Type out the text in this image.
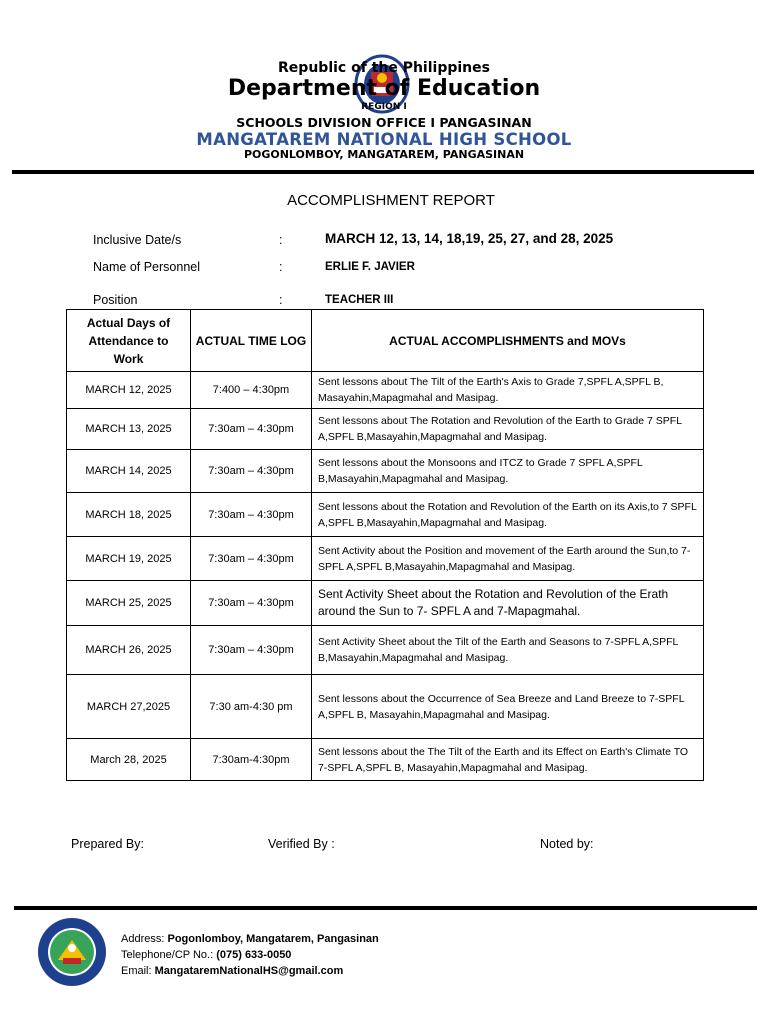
Republic of the Philippines
Department of Education
REGION I
SCHOOLS DIVISION OFFICE I PANGASINAN
MANGATAREM NATIONAL HIGH SCHOOL
POGONLOMBOY, MANGATAREM, PANGASINAN
ACCOMPLISHMENT REPORT
Inclusive Date/s	:	MARCH 12, 13, 14, 18,19, 25, 27, and 28, 2025
Name of Personnel	:	ERLIE F. JAVIER
Position	:	TEACHER III
Actual Days of Attendance to Work	ACTUAL TIME LOG	ACTUAL ACCOMPLISHMENTS and MOVs
MARCH 12, 2025	7:400 – 4:30pm	Sent lessons about The Tilt of the Earth's Axis to Grade 7,SPFL A,SPFL B, Masayahin,Mapagmahal and Masipag.
MARCH 13, 2025	7:30am – 4:30pm	Sent lessons about The Rotation and Revolution of the Earth to Grade 7 SPFL A,SPFL B,Masayahin,Mapagmahal and Masipag.
MARCH 14, 2025	7:30am – 4:30pm	Sent lessons about the Monsoons and ITCZ to Grade 7 SPFL A,SPFL B,Masayahin,Mapagmahal and Masipag.
MARCH 18, 2025	7:30am – 4:30pm	Sent lessons about the Rotation and Revolution of the Earth on its Axis,to 7 SPFL A,SPFL B,Masayahin,Mapagmahal and Masipag.
MARCH 19, 2025	7:30am – 4:30pm	Sent Activity about the Position and movement of the Earth around the Sun,to 7-SPFL A,SPFL B,Masayahin,Mapagmahal and Masipag.
MARCH 25, 2025	7:30am – 4:30pm	Sent Activity Sheet about the Rotation and Revolution of the Erath around the Sun to 7- SPFL A and 7-Mapagmahal.
MARCH 26, 2025	7:30am – 4:30pm	Sent Activity Sheet about the Tilt of the Earth and Seasons to 7-SPFL A,SPFL B,Masayahin,Mapagmahal and Masipag.
MARCH 27,2025	7:30 am-4:30 pm	Sent lessons about the Occurrence of Sea Breeze and Land Breeze to 7-SPFL A,SPFL B, Masayahin,Mapagmahal and Masipag.
March 28, 2025	7:30am-4:30pm	Sent lessons about the The Tilt of the Earth and its Effect on Earth's Climate TO 7-SPFL A,SPFL B, Masayahin,Mapagmahal and Masipag.
Prepared By:	Verified By :	Noted by:
Address: Pogonlomboy, Mangatarem, Pangasinan
Telephone/CP No.: (075) 633-0050
Email: MangataremNationalHS@gmail.com
